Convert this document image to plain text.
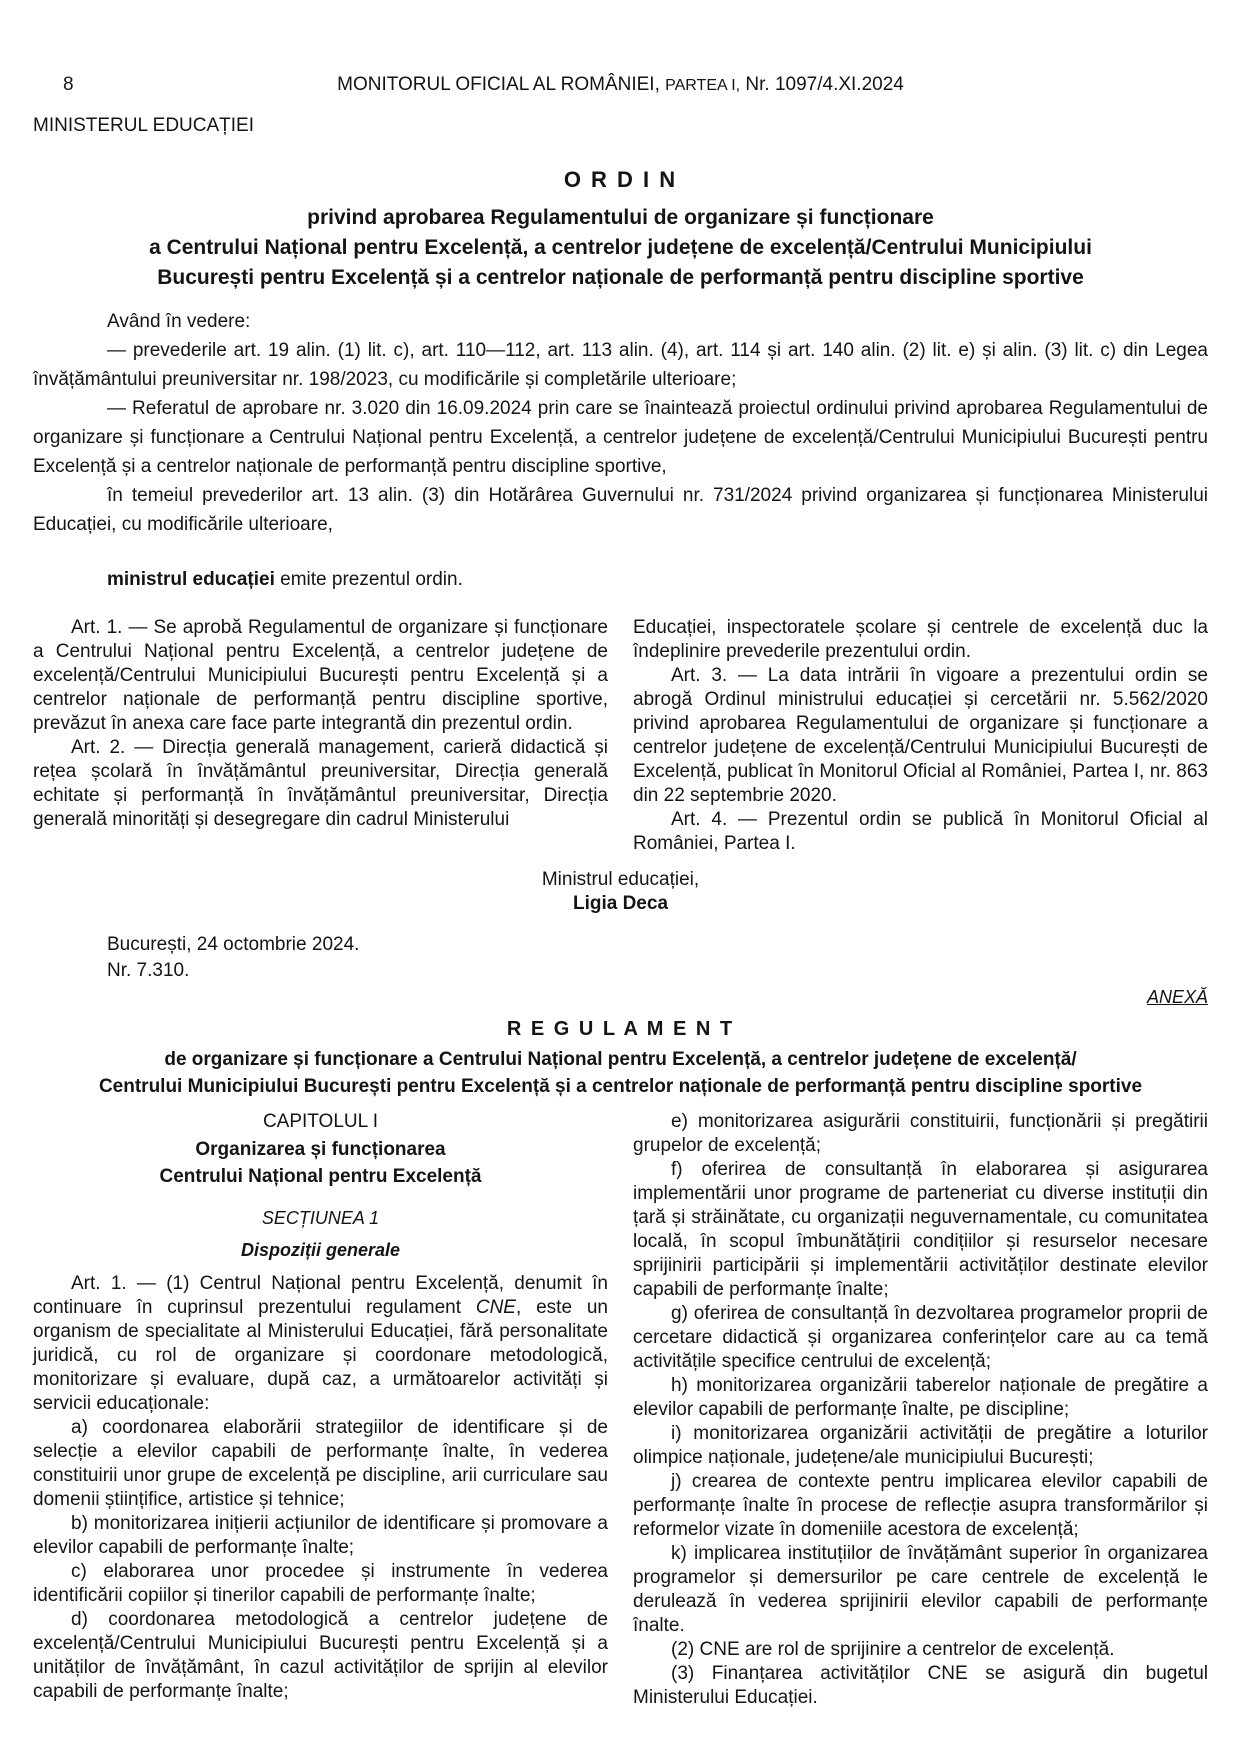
8	MONITORUL OFICIAL AL ROMÂNIEI, PARTEA I, Nr. 1097/4.XI.2024
MINISTERUL EDUCAȚIEI
O R D I N
privind aprobarea Regulamentului de organizare și funcționare
a Centrului Național pentru Excelență, a centrelor județene de excelență/Centrului Municipiului
București pentru Excelență și a centrelor naționale de performanță pentru discipline sportive

Având în vedere:

— prevederile art. 19 alin. (1) lit. c), art. 110—112, art. 113 alin. (4), art. 114 și art. 140 alin. (2) lit. e) și alin. (3) lit. c) din Legea învățământului preuniversitar nr. 198/2023, cu modificările și completările ulterioare;

— Referatul de aprobare nr. 3.020 din 16.09.2024 prin care se înaintează proiectul ordinului privind aprobarea Regulamentului de organizare și funcționare a Centrului Național pentru Excelență, a centrelor județene de excelență/Centrului Municipiului București pentru Excelență și a centrelor naționale de performanță pentru discipline sportive,

în temeiul prevederilor art. 13 alin. (3) din Hotărârea Guvernului nr. 731/2024 privind organizarea și funcționarea Ministerului Educației, cu modificările ulterioare,

ministrul educației emite prezentul ordin.

Art. 1. — Se aprobă Regulamentul de organizare și funcționare a Centrului Național pentru Excelență, a centrelor județene de excelență/Centrului Municipiului București pentru Excelență și a centrelor naționale de performanță pentru discipline sportive, prevăzut în anexa care face parte integrantă din prezentul ordin.

Art. 2. — Direcția generală management, carieră didactică și rețea școlară în învățământul preuniversitar, Direcția generală echitate și performanță în învățământul preuniversitar, Direcția generală minorități și desegregare din cadrul Ministerului

Educației, inspectoratele școlare și centrele de excelență duc la îndeplinire prevederile prezentului ordin.

Art. 3. — La data intrării în vigoare a prezentului ordin se abrogă Ordinul ministrului educației și cercetării nr. 5.562/2020 privind aprobarea Regulamentului de organizare și funcționare a centrelor județene de excelență/Centrului Municipiului București de Excelență, publicat în Monitorul Oficial al României, Partea I, nr. 863 din 22 septembrie 2020.

Art. 4. — Prezentul ordin se publică în Monitorul Oficial al României, Partea I.

Ministrul educației,
Ligia Deca

București, 24 octombrie 2024.

Nr. 7.310.

ANEXĂ
R E G U L A M E N T
de organizare și funcționare a Centrului Național pentru Excelență, a centrelor județene de excelență/
Centrului Municipiului București pentru Excelență și a centrelor naționale de performanță pentru discipline sportive
CAPITOLUL I
Organizarea și funcționarea
Centrului Național pentru Excelență
SECȚIUNEA 1
Dispoziții generale

Art. 1. — (1) Centrul Național pentru Excelență, denumit în continuare în cuprinsul prezentului regulament CNE, este un organism de specialitate al Ministerului Educației, fără personalitate juridică, cu rol de organizare și coordonare metodologică, monitorizare și evaluare, după caz, a următoarelor activități și servicii educaționale:

a) coordonarea elaborării strategiilor de identificare și de selecție a elevilor capabili de performanțe înalte, în vederea constituirii unor grupe de excelență pe discipline, arii curriculare sau domenii științifice, artistice și tehnice;

b) monitorizarea inițierii acțiunilor de identificare și promovare a elevilor capabili de performanțe înalte;

c) elaborarea unor procedee și instrumente în vederea identificării copiilor și tinerilor capabili de performanțe înalte;

d) coordonarea metodologică a centrelor județene de excelență/Centrului Municipiului București pentru Excelență și a unităților de învățământ, în cazul activităților de sprijin al elevilor capabili de performanțe înalte;

e) monitorizarea asigurării constituirii, funcționării și pregătirii grupelor de excelență;

f) oferirea de consultanță în elaborarea și asigurarea implementării unor programe de parteneriat cu diverse instituții din țară și străinătate, cu organizații neguvernamentale, cu comunitatea locală, în scopul îmbunătățirii condițiilor și resurselor necesare sprijinirii participării și implementării activităților destinate elevilor capabili de performanțe înalte;

g) oferirea de consultanță în dezvoltarea programelor proprii de cercetare didactică și organizarea conferințelor care au ca temă activitățile specifice centrului de excelență;

h) monitorizarea organizării taberelor naționale de pregătire a elevilor capabili de performanțe înalte, pe discipline;

i) monitorizarea organizării activității de pregătire a loturilor olimpice naționale, județene/ale municipiului București;

j) crearea de contexte pentru implicarea elevilor capabili de performanțe înalte în procese de reflecție asupra transformărilor și reformelor vizate în domeniile acestora de excelență;

k) implicarea instituțiilor de învățământ superior în organizarea programelor și demersurilor pe care centrele de excelență le derulează în vederea sprijinirii elevilor capabili de performanțe înalte.

(2) CNE are rol de sprijinire a centrelor de excelență.

(3) Finanțarea activităților CNE se asigură din bugetul Ministerului Educației.
